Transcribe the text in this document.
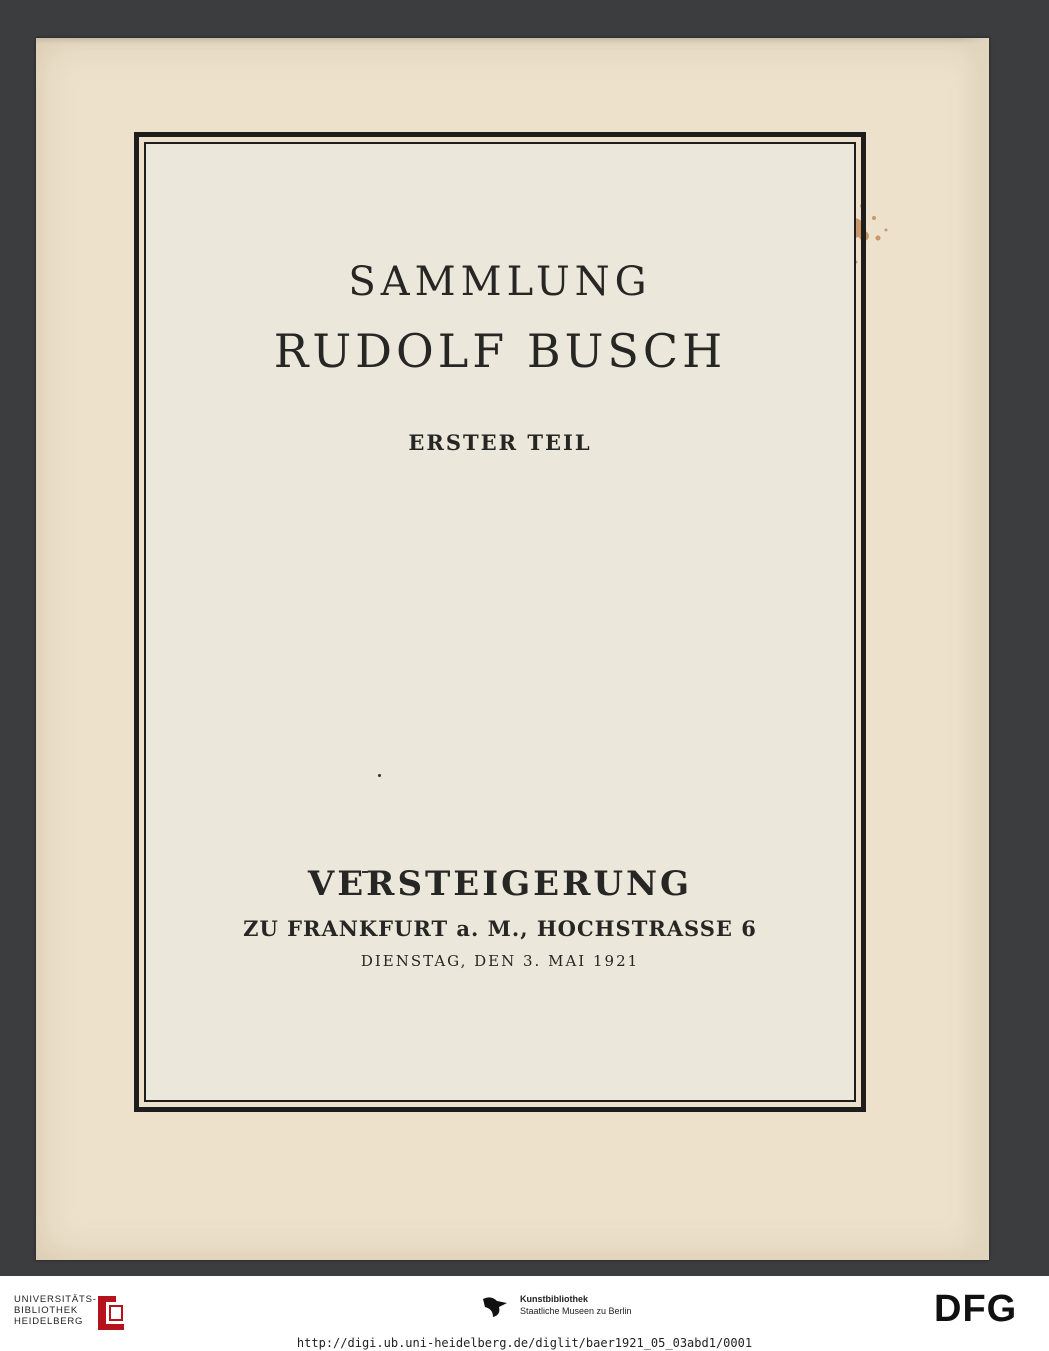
SAMMLUNG
RUDOLF BUSCH
ERSTER TEIL
VERSTEIGERUNG
ZU FRANKFURT a. M., HOCHSTRASSE 6
DIENSTAG, DEN 3. MAI 1921
UNIVERSITÄTS-
BIBLIOTHEK
HEIDELBERG
Kunstbibliothek
Staatliche Museen zu Berlin	DFG
http://digi.ub.uni-heidelberg.de/diglit/baer1921_05_03abd1/0001
